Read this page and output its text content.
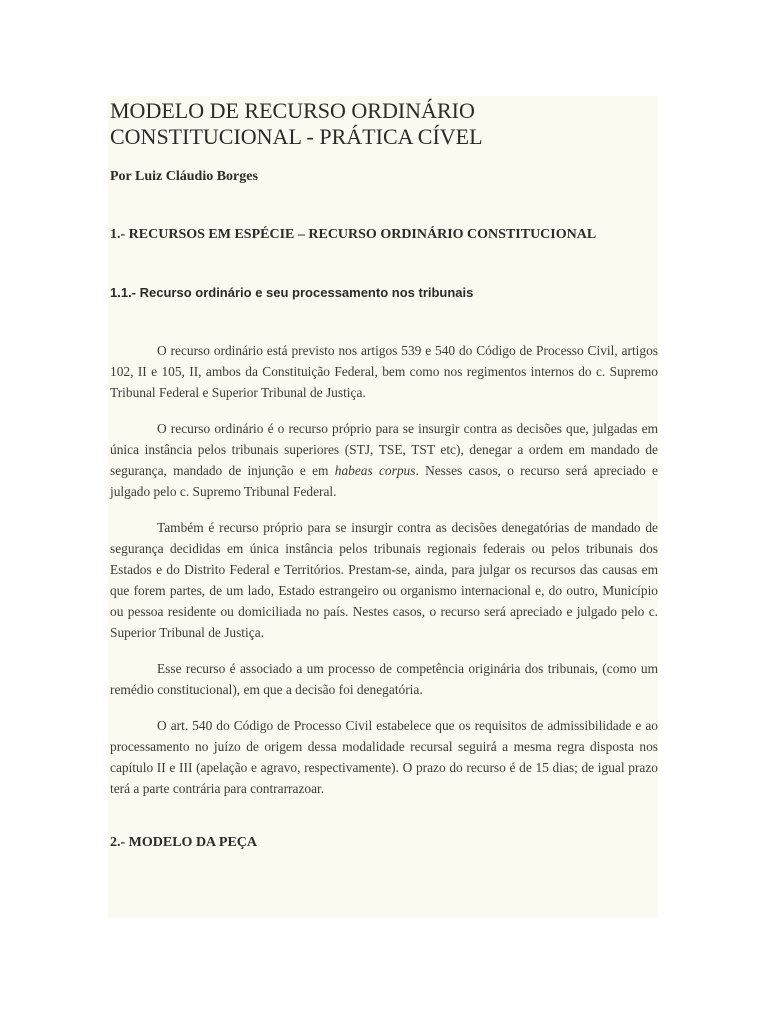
MODELO DE RECURSO ORDINÁRIO
CONSTITUCIONAL - PRÁTICA CÍVEL

Por Luiz Cláudio Borges

1.- RECURSOS EM ESPÉCIE – RECURSO ORDINÁRIO CONSTITUCIONAL

1.1.- Recurso ordinário e seu processamento nos tribunais

O recurso ordinário está previsto nos artigos 539 e 540 do Código de Processo Civil, artigos 102, II e 105, II, ambos da Constituição Federal, bem como nos regimentos internos do c. Supremo Tribunal Federal e Superior Tribunal de Justiça.

O recurso ordinário é o recurso próprio para se insurgir contra as decisões que, julgadas em única instância pelos tribunais superiores (STJ, TSE, TST etc), denegar a ordem em mandado de segurança, mandado de injunção e em habeas corpus. Nesses casos, o recurso será apreciado e julgado pelo c. Supremo Tribunal Federal.

Também é recurso próprio para se insurgir contra as decisões denegatórias de mandado de segurança decididas em única instância pelos tribunais regionais federais ou pelos tribunais dos Estados e do Distrito Federal e Territórios. Prestam-se, ainda, para julgar os recursos das causas em que forem partes, de um lado, Estado estrangeiro ou organismo internacional e, do outro, Município ou pessoa residente ou domiciliada no país. Nestes casos, o recurso será apreciado e julgado pelo c. Superior Tribunal de Justiça.

Esse recurso é associado a um processo de competência originária dos tribunais, (como um remédio constitucional), em que a decisão foi denegatória.

O art. 540 do Código de Processo Civil estabelece que os requisitos de admissibilidade e ao processamento no juízo de origem dessa modalidade recursal seguirá a mesma regra disposta nos capítulo II e III (apelação e agravo, respectivamente). O prazo do recurso é de 15 dias; de igual prazo terá a parte contrária para contrarrazoar.

2.- MODELO DA PEÇA
